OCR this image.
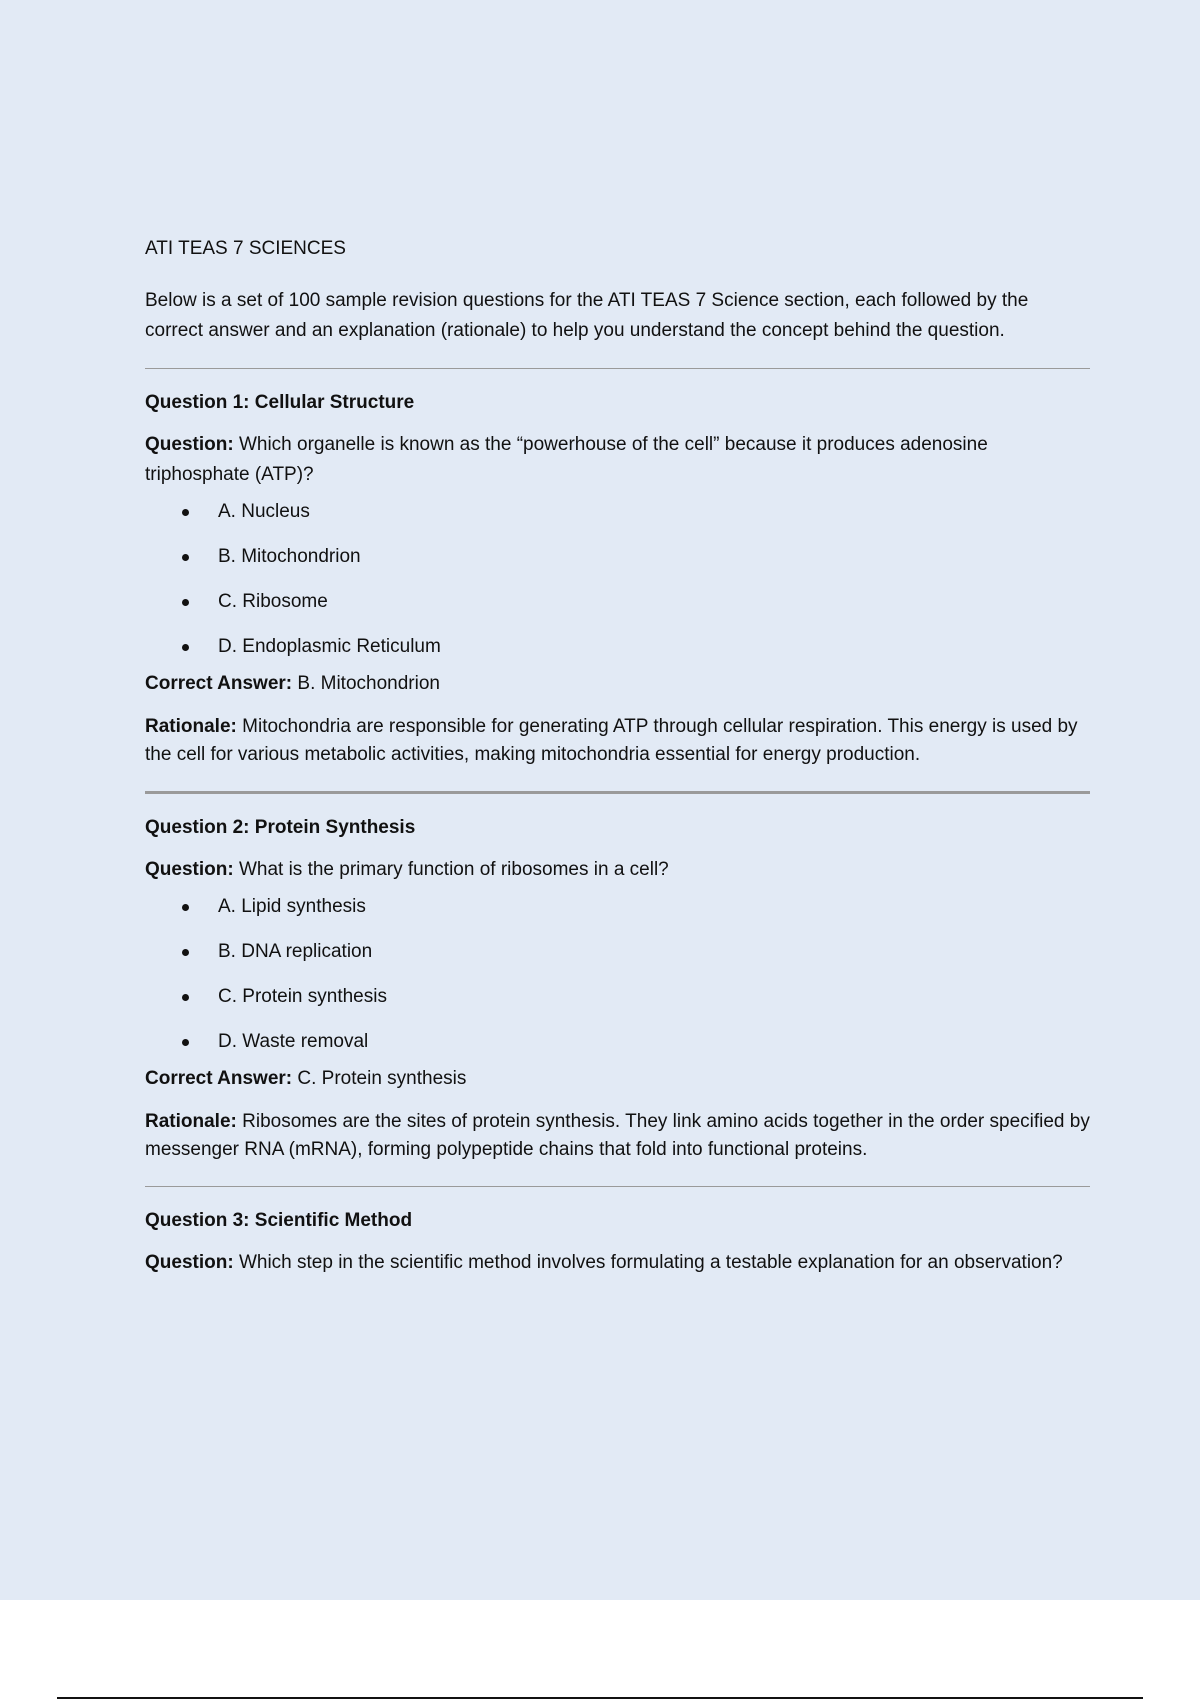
ATI TEAS 7 SCIENCES

Below is a set of 100 sample revision questions for the ATI TEAS 7 Science section, each followed by the correct answer and an explanation (rationale) to help you understand the concept behind the question.

Question 1: Cellular Structure

Question: Which organelle is known as the “powerhouse of the cell” because it produces adenosine triphosphate (ATP)?

A. Nucleus
B. Mitochondrion
C. Ribosome
D. Endoplasmic Reticulum

Correct Answer: B. Mitochondrion

Rationale: Mitochondria are responsible for generating ATP through cellular respiration. This energy is used by the cell for various metabolic activities, making mitochondria essential for energy production.

Question 2: Protein Synthesis

Question: What is the primary function of ribosomes in a cell?

A. Lipid synthesis
B. DNA replication
C. Protein synthesis
D. Waste removal

Correct Answer: C. Protein synthesis

Rationale: Ribosomes are the sites of protein synthesis. They link amino acids together in the order specified by messenger RNA (mRNA), forming polypeptide chains that fold into functional proteins.

Question 3: Scientific Method

Question: Which step in the scientific method involves formulating a testable explanation for an observation?
